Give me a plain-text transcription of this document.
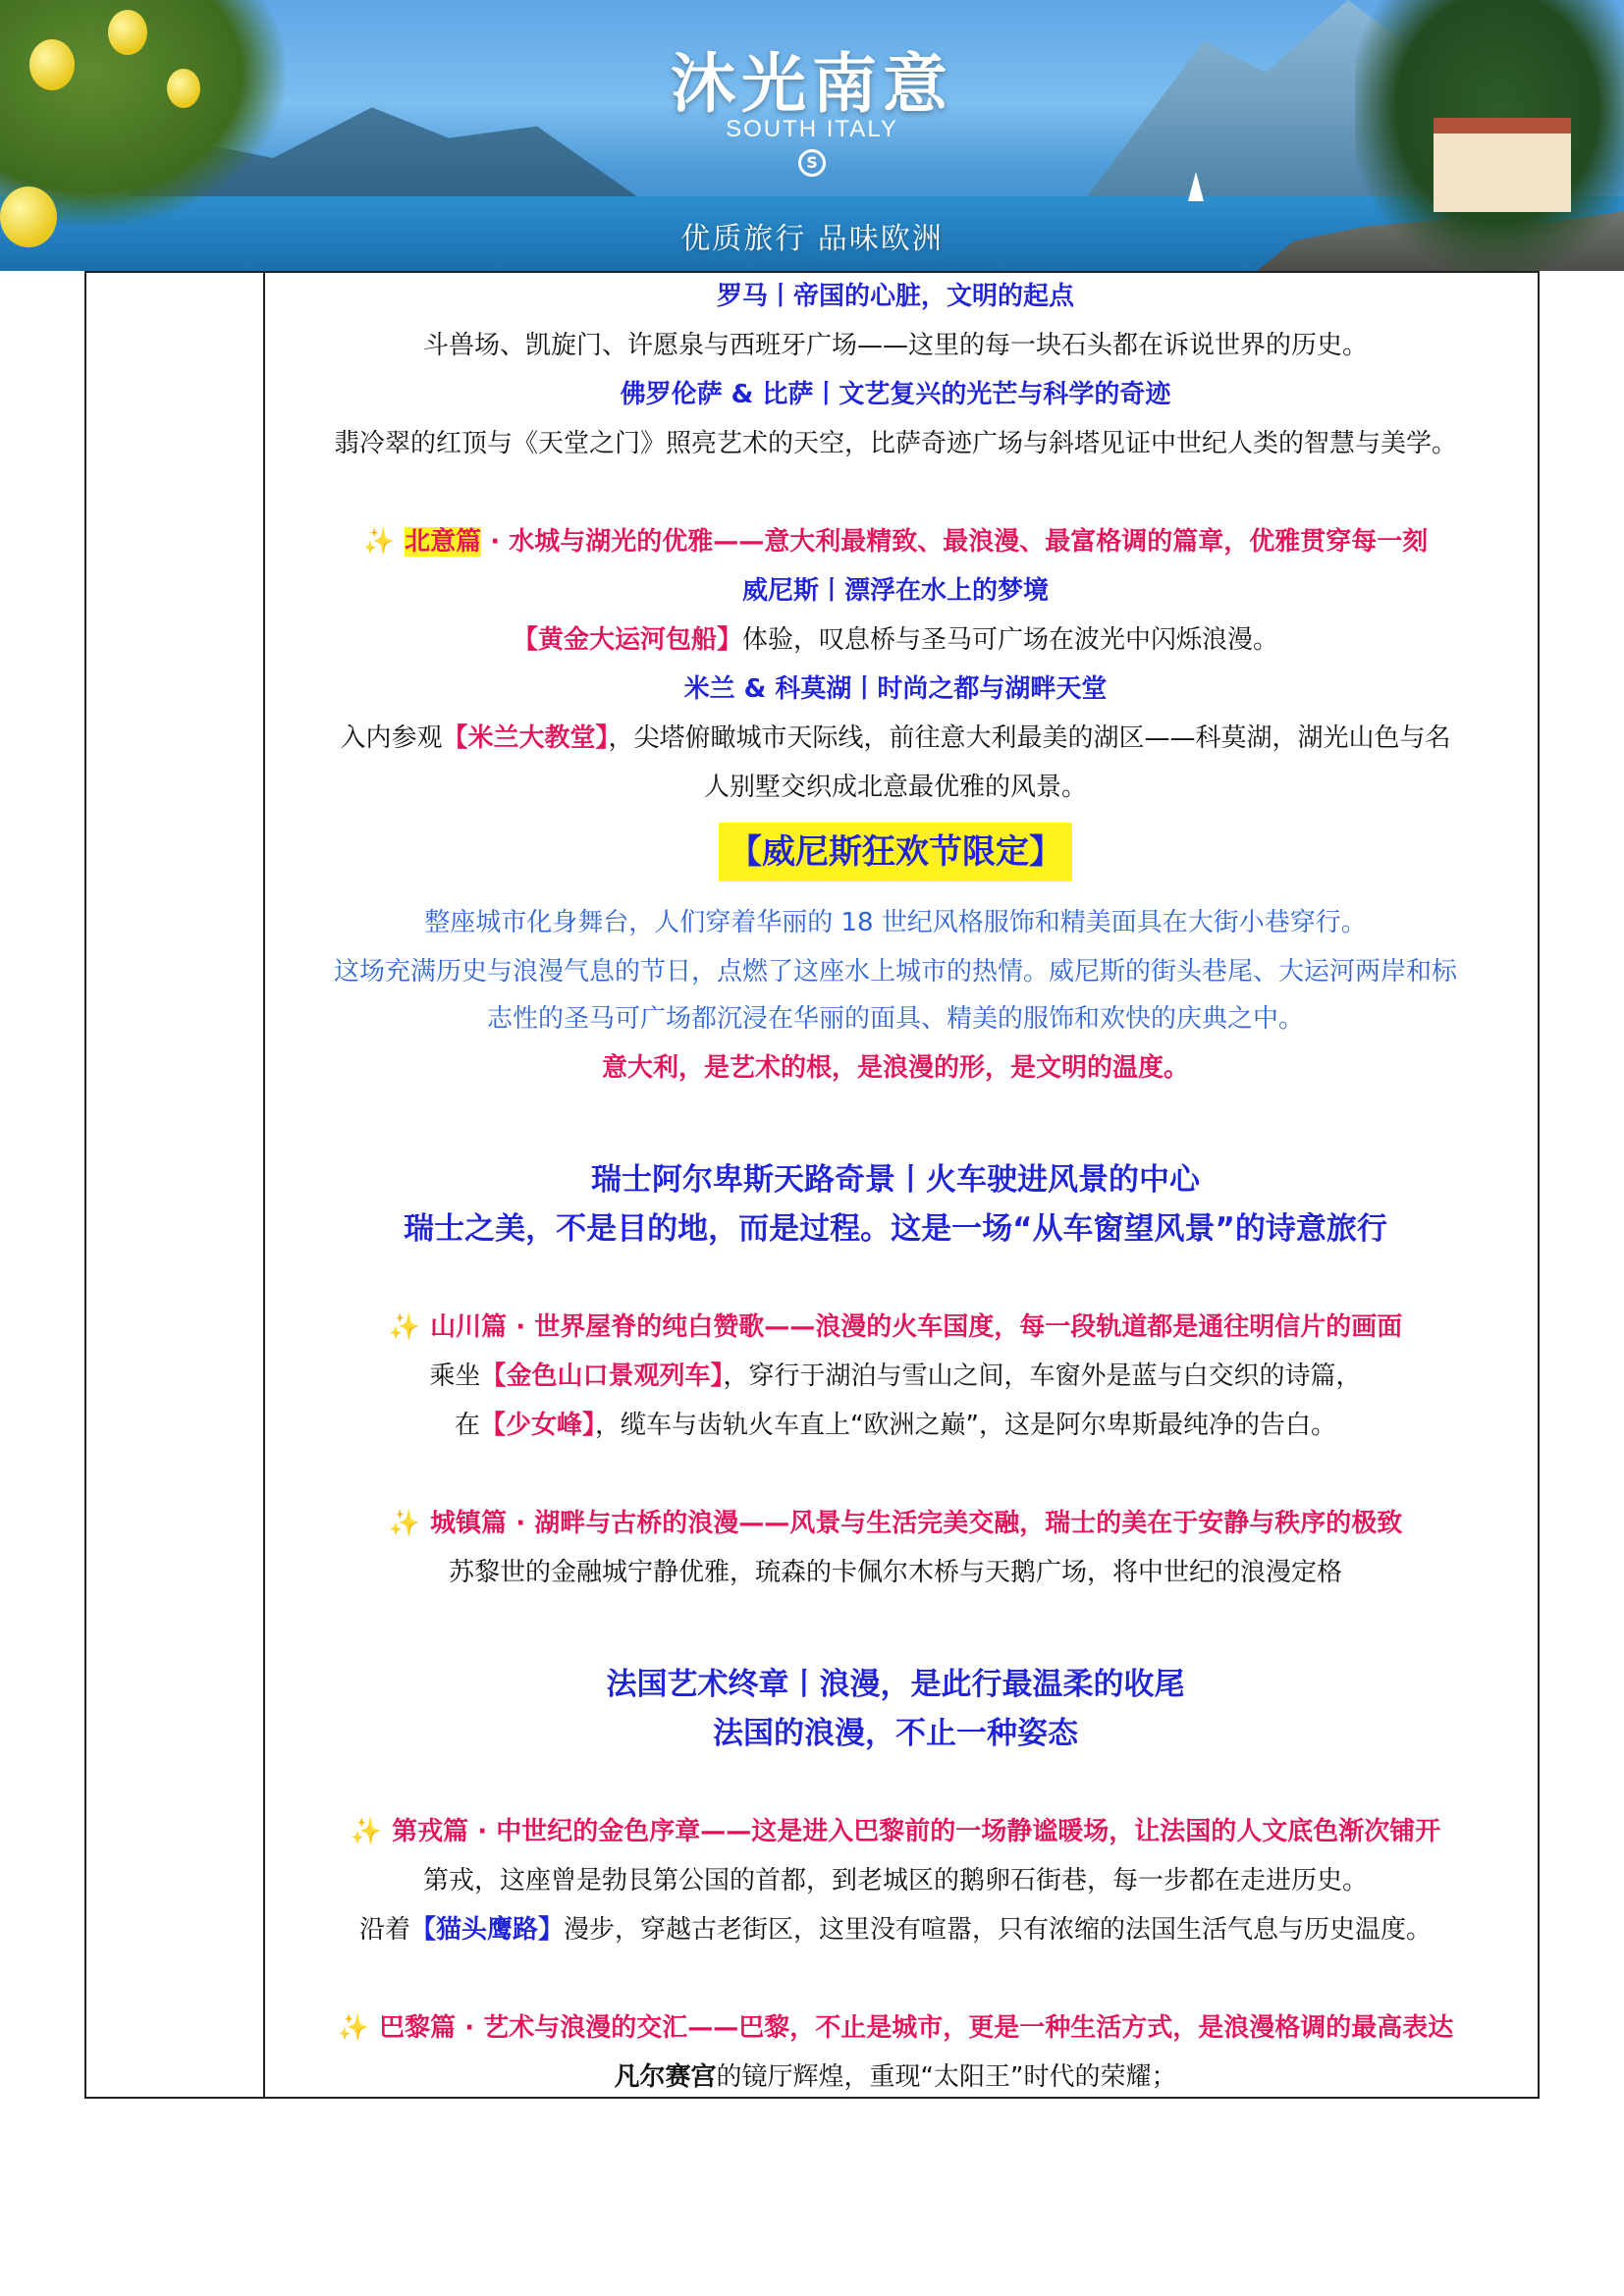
沐光南意
SOUTH ITALY
S
优质旅行 品味欧洲
罗马丨帝国的心脏，文明的起点
斗兽场、凯旋门、许愿泉与西班牙广场——这里的每一块石头都在诉说世界的历史。
佛罗伦萨 & 比萨丨文艺复兴的光芒与科学的奇迹
翡冷翠的红顶与《天堂之门》照亮艺术的天空，比萨奇迹广场与斜塔见证中世纪人类的智慧与美学。
✨ 北意篇 · 水城与湖光的优雅——意大利最精致、最浪漫、最富格调的篇章，优雅贯穿每一刻
威尼斯丨漂浮在水上的梦境
【黄金大运河包船】体验，叹息桥与圣马可广场在波光中闪烁浪漫。
米兰 & 科莫湖丨时尚之都与湖畔天堂
入内参观【米兰大教堂】，尖塔俯瞰城市天际线，前往意大利最美的湖区——科莫湖，湖光山色与名
人别墅交织成北意最优雅的风景。
【威尼斯狂欢节限定】
整座城市化身舞台，人们穿着华丽的 18 世纪风格服饰和精美面具在大街小巷穿行。
这场充满历史与浪漫气息的节日，点燃了这座水上城市的热情。威尼斯的街头巷尾、大运河两岸和标
志性的圣马可广场都沉浸在华丽的面具、精美的服饰和欢快的庆典之中。
意大利，是艺术的根，是浪漫的形，是文明的温度。
瑞士阿尔卑斯天路奇景丨火车驶进风景的中心
瑞士之美，不是目的地，而是过程。这是一场“从车窗望风景”的诗意旅行
✨ 山川篇 · 世界屋脊的纯白赞歌——浪漫的火车国度，每一段轨道都是通往明信片的画面
乘坐【金色山口景观列车】，穿行于湖泊与雪山之间，车窗外是蓝与白交织的诗篇，
在【少女峰】，缆车与齿轨火车直上“欧洲之巅”，这是阿尔卑斯最纯净的告白。
✨ 城镇篇 · 湖畔与古桥的浪漫——风景与生活完美交融，瑞士的美在于安静与秩序的极致
苏黎世的金融城宁静优雅，琉森的卡佩尔木桥与天鹅广场，将中世纪的浪漫定格
法国艺术终章丨浪漫，是此行最温柔的收尾
法国的浪漫，不止一种姿态
✨ 第戎篇 · 中世纪的金色序章——这是进入巴黎前的一场静谧暖场，让法国的人文底色渐次铺开
第戎，这座曾是勃艮第公国的首都，到老城区的鹅卵石街巷，每一步都在走进历史。
沿着【猫头鹰路】漫步，穿越古老街区，这里没有喧嚣，只有浓缩的法国生活气息与历史温度。
✨ 巴黎篇 · 艺术与浪漫的交汇——巴黎，不止是城市，更是一种生活方式，是浪漫格调的最高表达
凡尔赛宫的镜厅辉煌，重现“太阳王”时代的荣耀；
